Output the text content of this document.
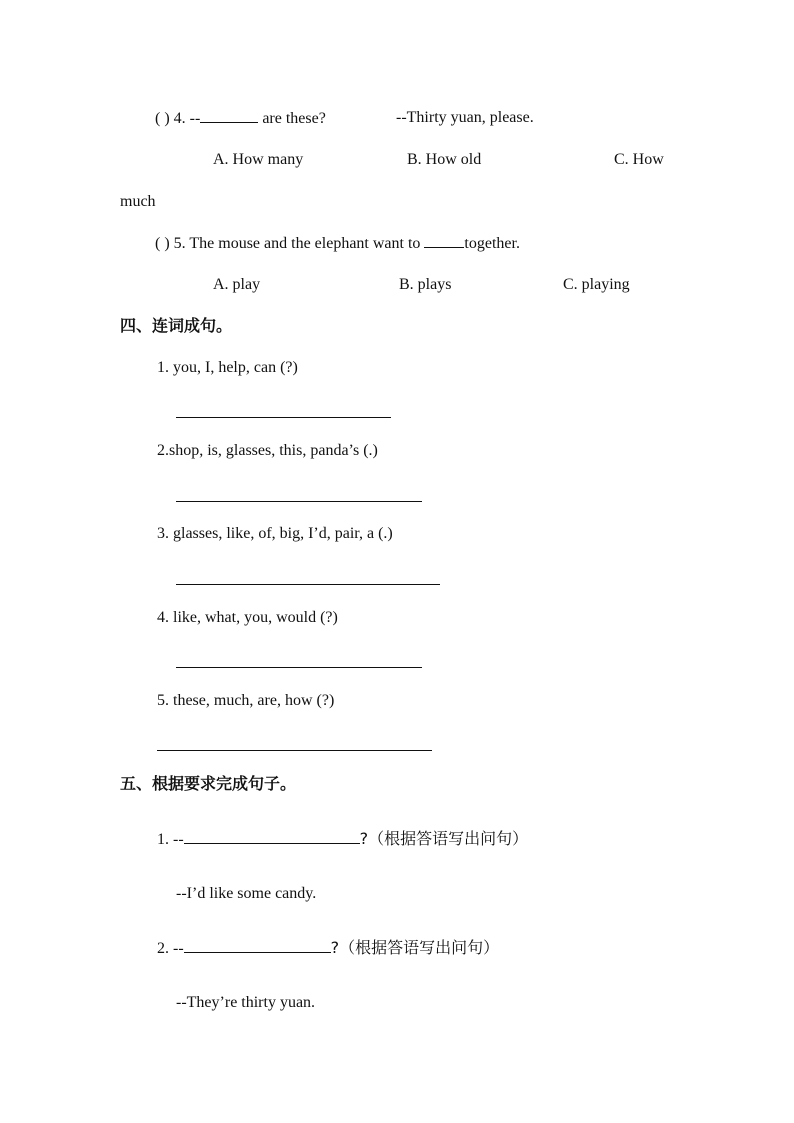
( ) 4. --	are these?	--Thirty yuan, please.
A. How many	B. How old	C. How
much
( ) 5. The mouse and the elephant want to	together.
A. play	B. plays	C. playing
四、连词成句。
1. you, I, help, can (?)
2.shop, is, glasses, this, panda’s (.)
3. glasses, like, of, big, I’d, pair, a (.)
4. like, what, you, would (?)
5. these, much, are, how (?)
五、根据要求完成句子。
1. --	?（根据答语写出问句）
--I’d like some candy.
2. --	?（根据答语写出问句）
--They’re thirty yuan.
